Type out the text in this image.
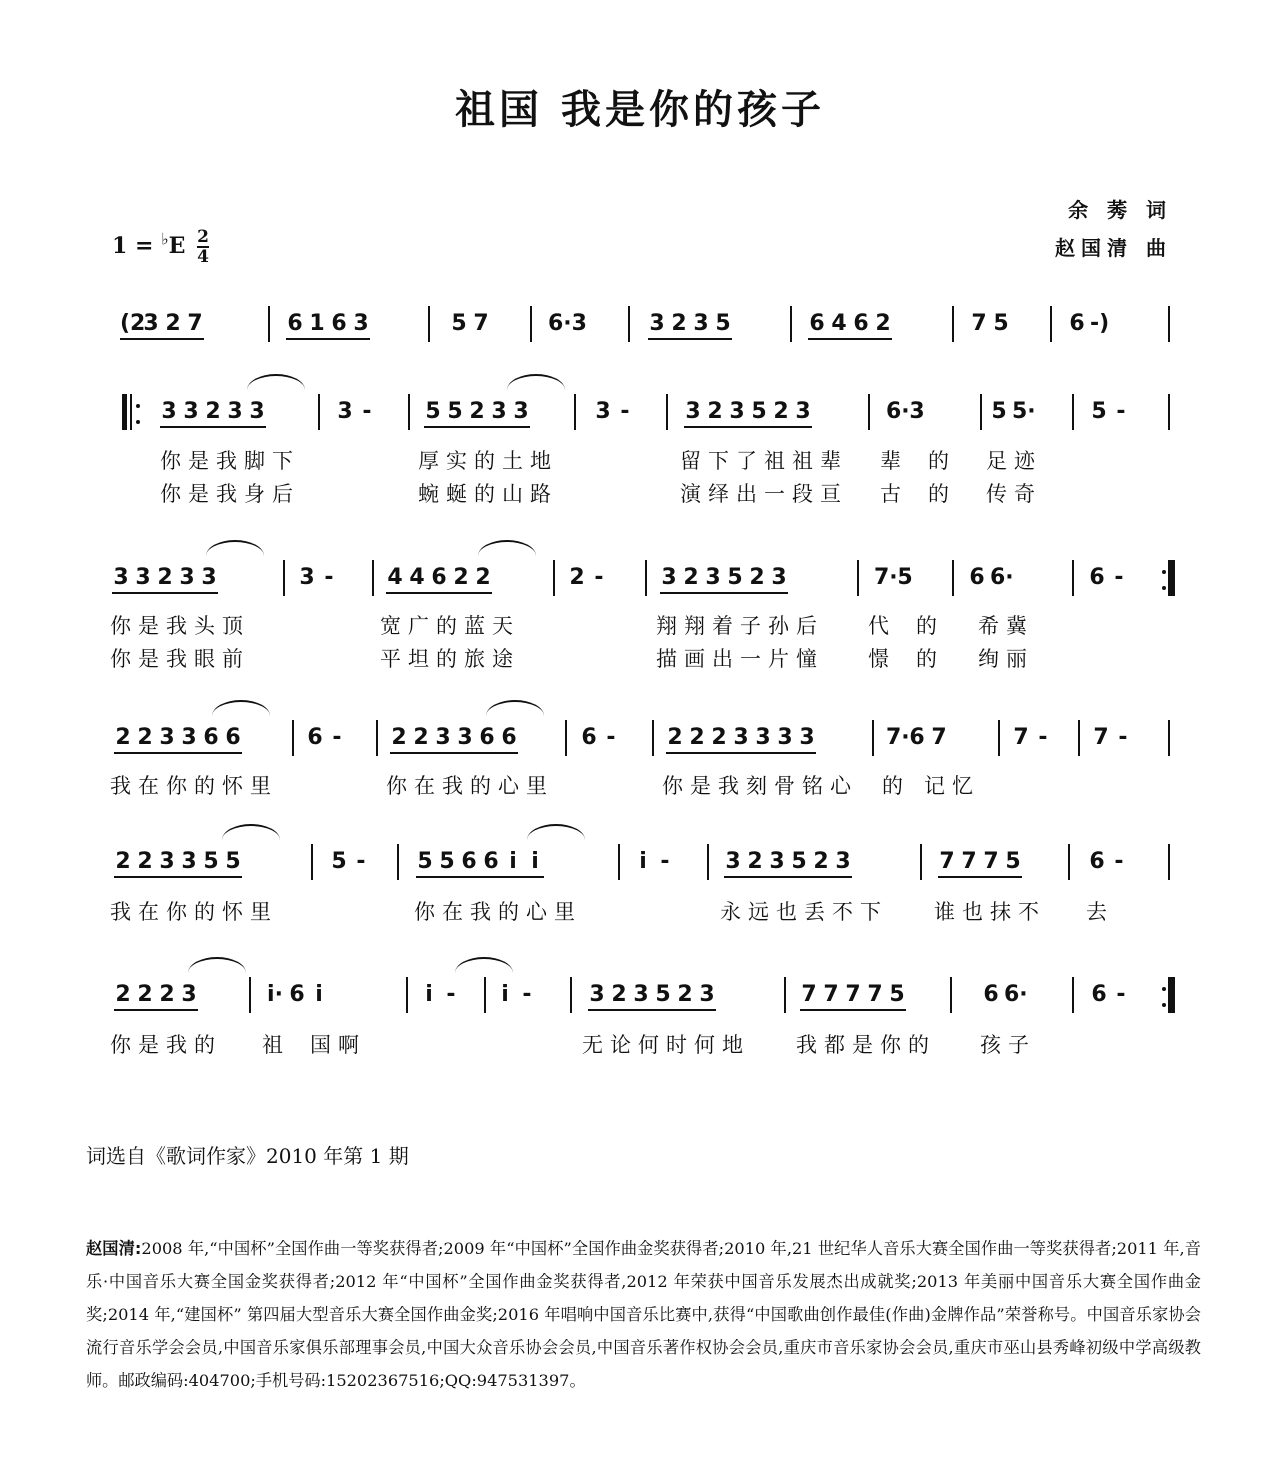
祖国 我是你的孩子
余 莠 词
赵国清 曲
$1 = ^♭E \frac{2}{4}$
(2
3 2 7	6 1 6 3	5 7	6·3	3 2 3 5	6 4 6 2	7 5	6 -)
3 3 2 3 3	3 - 5 5 2 3 3	3 -	3 2 3 5 2 3	6· 3	5 5·	5 -
你是我脚下	厚实的土地	留下了祖祖辈 辈 的 足迹
你是我身后	蜿蜒的山路	演绎出一段亘 古 的 传奇
3 3 2 3 3	3 - 4 4 6 2 2	2 -	3 2 3 5 2 3	7· 5	6 6·	6 -
你是我头顶	宽广的蓝天	翔翔着子孙后 代 的 希冀
你是我眼前	平坦的旅途	描画出一片憧 憬 的 绚丽
2 2 3 3 6 6	6 - 2 2 3 3 6 6	6 - 2 2 2 3 3 3 3	7· 6 7	7 - 7 -
我在你的怀里	你在我的心里	你是我刻骨铭心 的 记忆
2 2 3 3 5 5	5 - 5 5 6 6 i i	i -	3 2 3 5 2 3	7 7 7 5	6 -
我在你的怀里	你在我的心里	永远也丢不下 谁也抹不 去
2 2 2 3	i· 6 i	i - i -	3 2 3 5 2 3	7 7 7 7 5	6 6·	6 -
你是我的 祖 国啊	无论何时何地 我都是你的 孩子
词选自《歌词作家》2010 年第 1 期
赵国清:2008 年,“中国杯”全国作曲一等奖获得者;2009 年“中国杯”全国作曲金奖获得者;2010 年,21 世纪华人音乐大赛全国作曲一等奖获得者;2011 年,音乐·中国音乐大赛全国金奖获得者;2012 年“中国杯”全国作曲金奖获得者,2012 年荣获中国音乐发展杰出成就奖;2013 年美丽中国音乐大赛全国作曲金奖;2014 年,“建国杯” 第四届大型音乐大赛全国作曲金奖;2016 年唱响中国音乐比赛中,获得“中国歌曲创作最佳(作曲)金牌作品”荣誉称号。中国音乐家协会流行音乐学会会员,中国音乐家俱乐部理事会员,中国大众音乐协会会员,中国音乐著作权协会会员,重庆市音乐家协会会员,重庆市巫山县秀峰初级中学高级教师。邮政编码:404700;手机号码:15202367516;QQ:947531397。
